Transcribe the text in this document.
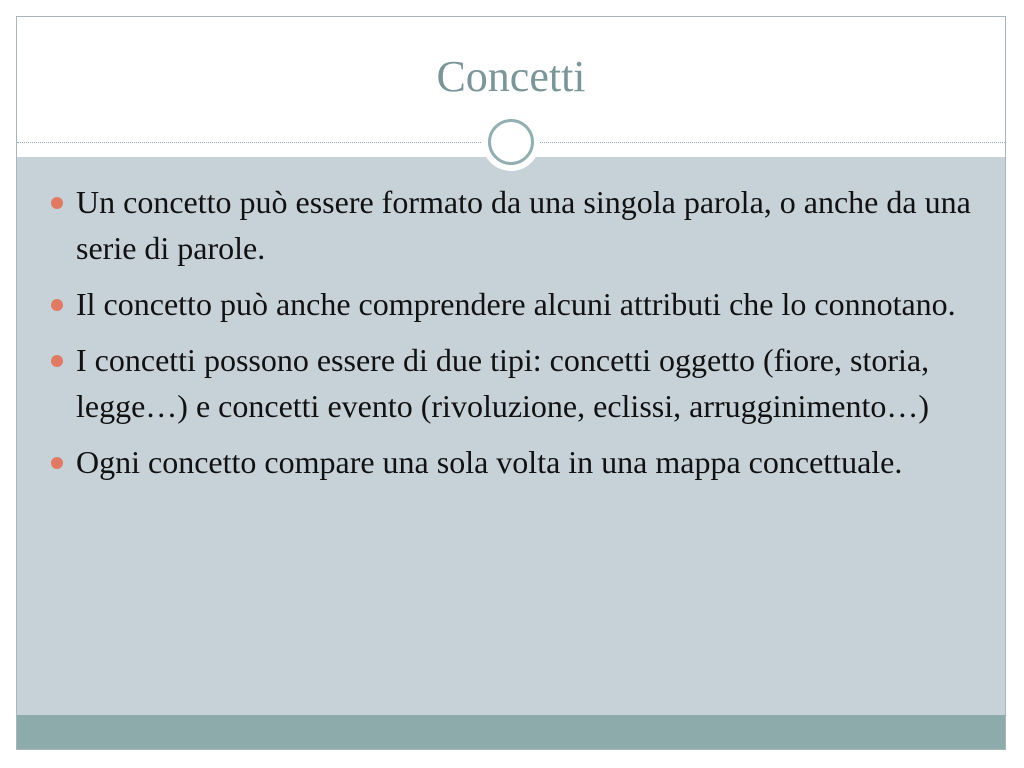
Concetti
Un concetto può essere formato da una singola parola, o anche da una serie di parole.
Il concetto può anche comprendere alcuni attributi che lo connotano.
I concetti possono essere di due tipi: concetti oggetto (fiore, storia, legge…) e concetti evento (rivoluzione, eclissi, arrugginimento…)
Ogni concetto compare una sola volta in una mappa concettuale.
